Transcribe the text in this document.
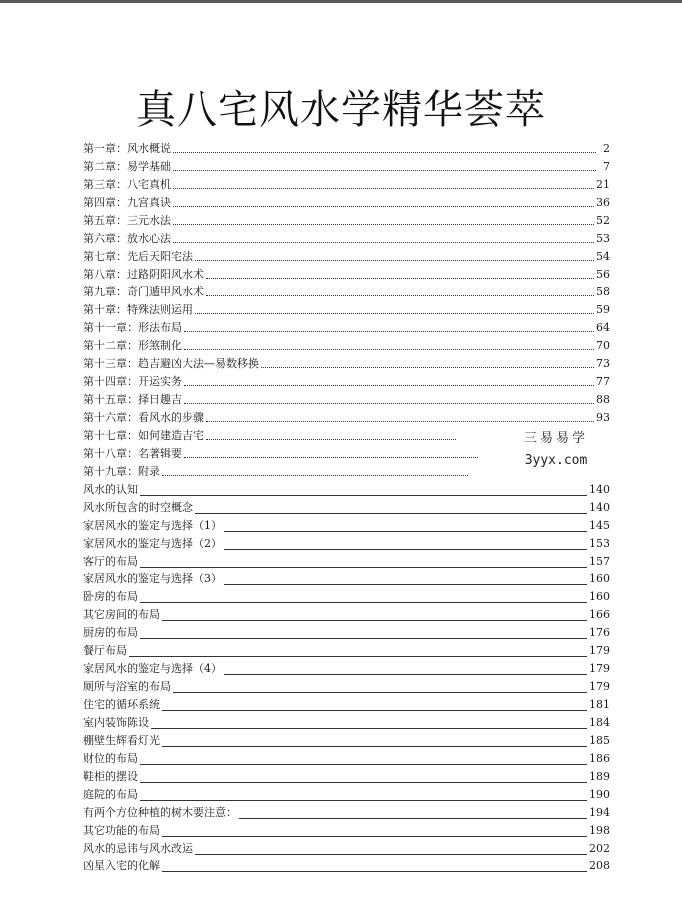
真八宅风水学精华荟萃
第一章：风水概说	2
第二章：易学基础	7
第三章：八宅真机	21
第四章：九宫真诀	36
第五章：三元水法	52
第六章：放水心法	53
第七章：先后天阳宅法	54
第八章：过路阴阳风水术	56
第九章：奇门遁甲风水术	58
第十章：特殊法则运用	59
第十一章：形法布局	64
第十二章：形煞制化	70
第十三章：趋吉避凶大法—易数移换	73
第十四章：开运实务	77
第十五章：择日趣吉	88
第十六章：看风水的步骤	93
第十七章：如何建造吉宅
第十八章：名著辑要
第十九章：附录
风水的认知	140
风水所包含的时空概念	140
家居风水的鉴定与选择（1）	145
家居风水的鉴定与选择（2）	153
客厅的布局	157
家居风水的鉴定与选择（3）	160
卧房的布局	160
其它房间的布局	166
厨房的布局	176
餐厅布局	179
家居风水的鉴定与选择（4）	179
厕所与浴室的布局	179
住宅的循环系统	181
室内装饰陈设	184
棚壁生辉看灯光	185
财位的布局	186
鞋柜的摆设	189
庭院的布局	190
有两个方位种植的树木要注意：	194
其它功能的布局	198
风水的忌讳与风水改运	202
凶星入宅的化解	208
三易易学
3yyx.com
